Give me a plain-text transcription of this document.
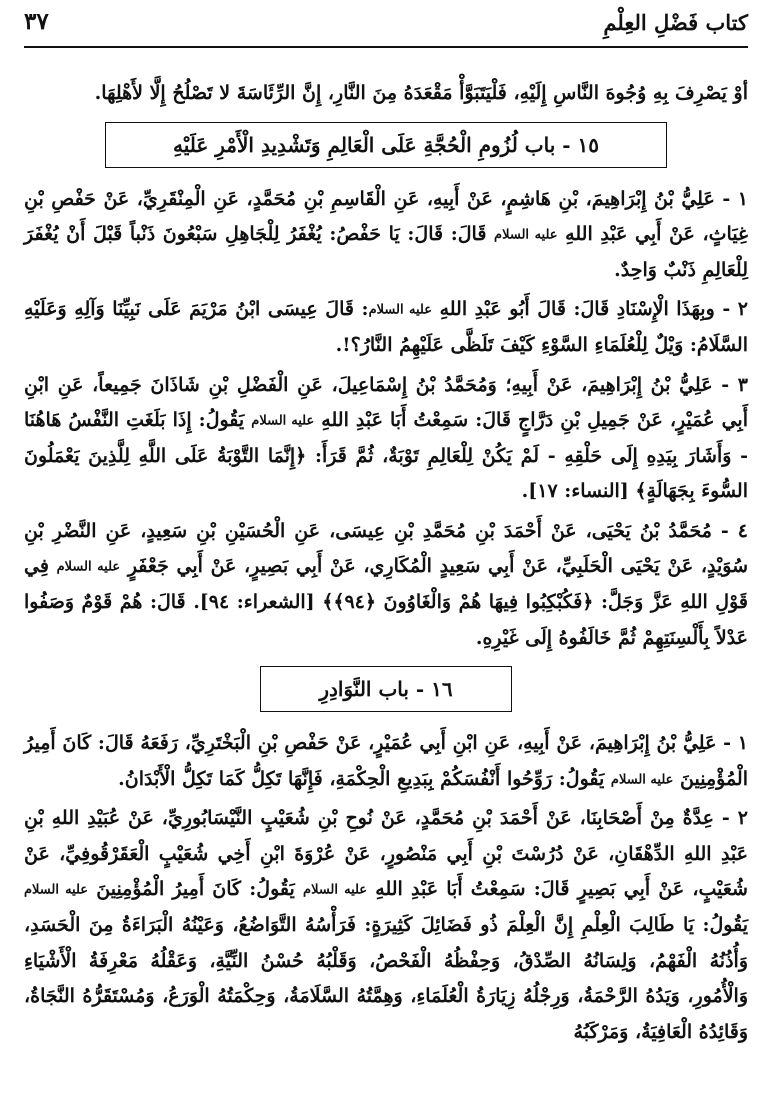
كتاب فَضْلِ العِلْمِ
٣٧

أوْ يَصْرِفَ بِهِ وُجُوهَ النَّاسِ إِلَيْهِ، فَلْيَتَبَوَّأْ مَقْعَدَهُ مِنَ النَّارِ، إِنَّ الرِّئَاسَةَ لا تَصْلُحُ إِلَّا لأَهْلِهَا.

١٥ - باب لُزُومِ الْحُجَّةِ عَلَى الْعَالِمِ وَتَشْدِيدِ الْأَمْرِ عَلَيْهِ

١ - عَلِيُّ بْنُ إِبْرَاهِيمَ، بْنِ هَاشِمٍ، عَنْ أَبِيهِ، عَنِ الْقَاسِمِ بْنِ مُحَمَّدٍ، عَنِ الْمِنْقَرِيِّ، عَنْ حَفْصِ بْنِ غِيَاثٍ، عَنْ أَبِي عَبْدِ اللهِ عليه السلام قَالَ: قَالَ: يَا حَفْصُ: يُغْفَرُ لِلْجَاهِلِ سَبْعُونَ ذَنْباً قَبْلَ أَنْ يُغْفَرَ لِلْعَالِمِ ذَنْبٌ وَاحِدٌ.

٢ - وبِهَذَا الْإِسْنَادِ قَالَ: قَالَ أَبُو عَبْدِ اللهِ عليه السلام: قَالَ عِيسَى ابْنُ مَرْيَمَ عَلَى نَبِيِّنَا وَآلِهِ وَعَلَيْهِ السَّلَامُ: وَيْلٌ لِلْعُلَمَاءِ السَّوْءِ كَيْفَ تَلَظَّى عَلَيْهِمُ النَّارُ؟!.

٣ - عَلِيُّ بْنُ إِبْرَاهِيمَ، عَنْ أَبِيهِ؛ وَمُحَمَّدُ بْنُ إِسْمَاعِيلَ، عَنِ الْفَضْلِ بْنِ شَاذَانَ جَمِيعاً، عَنِ ابْنِ أَبِي عُمَيْرٍ، عَنْ جَمِيلِ بْنِ دَرَّاجٍ قَالَ: سَمِعْتُ أَبَا عَبْدِ اللهِ عليه السلام يَقُولُ: إِذَا بَلَغَتِ النَّفْسُ هَاهُنَا - وَأَشَارَ بِيَدِهِ إِلَى حَلْقِهِ - لَمْ يَكُنْ لِلْعَالِمِ تَوْبَةٌ، ثُمَّ قَرَأَ: ﴿إِنَّمَا التَّوْبَةُ عَلَى اللَّهِ لِلَّذِينَ يَعْمَلُونَ السُّوءَ بِجَهَالَةٍ﴾ [النساء: ١٧].

٤ - مُحَمَّدُ بْنُ يَحْيَى، عَنْ أَحْمَدَ بْنِ مُحَمَّدِ بْنِ عِيسَى، عَنِ الْحُسَيْنِ بْنِ سَعِيدٍ، عَنِ النَّضْرِ بْنِ سُوَيْدٍ، عَنْ يَحْيَى الْحَلَبِيِّ، عَنْ أَبِي سَعِيدٍ الْمُكَارِي، عَنْ أَبِي بَصِيرٍ، عَنْ أَبِي جَعْفَرٍ عليه السلام فِي قَوْلِ اللهِ عَزَّ وَجَلَّ: ﴿فَكُبْكِبُوا فِيهَا هُمْ وَالْغَاوُونَ ﴿٩٤﴾﴾ [الشعراء: ٩٤]. قَالَ: هُمْ قَوْمٌ وَصَفُوا عَدْلاً بِأَلْسِنَتِهِمْ ثُمَّ خَالَفُوهُ إِلَى غَيْرِهِ.

١٦ - باب النَّوَادِرِ

١ - عَلِيُّ بْنُ إِبْرَاهِيمَ، عَنْ أَبِيهِ، عَنِ ابْنِ أَبِي عُمَيْرٍ، عَنْ حَفْصِ بْنِ الْبَخْتَرِيِّ، رَفَعَهُ قَالَ: كَانَ أَمِيرُ الْمُؤْمِنِينَ عليه السلام يَقُولُ: رَوِّحُوا أَنْفُسَكُمْ بِبَدِيعِ الْحِكْمَةِ، فَإِنَّهَا تَكِلُّ كَمَا تَكِلُّ الْأَبْدَانُ.

٢ - عِدَّةٌ مِنْ أَصْحَابِنَا، عَنْ أَحْمَدَ بْنِ مُحَمَّدٍ، عَنْ نُوحِ بْنِ شُعَيْبٍ النَّيْسَابُورِيِّ، عَنْ عُبَيْدِ اللهِ بْنِ عَبْدِ اللهِ الدِّهْقَانِ، عَنْ دُرُسْتَ بْنِ أَبِي مَنْصُورٍ، عَنْ عُرْوَةَ ابْنِ أَخِي شُعَيْبٍ الْعَقَرْقُوفِيِّ، عَنْ شُعَيْبٍ، عَنْ أَبِي بَصِيرٍ قَالَ: سَمِعْتُ أَبَا عَبْدِ اللهِ عليه السلام يَقُولُ: كَانَ أَمِيرُ الْمُؤْمِنِينَ عليه السلام يَقُولُ: يَا طَالِبَ الْعِلْمِ إِنَّ الْعِلْمَ ذُو فَضَائِلَ كَثِيرَةٍ: فَرَأْسُهُ التَّوَاضُعُ، وَعَيْنُهُ الْبَرَاءَةُ مِنَ الْحَسَدِ، وَأُذُنُهُ الْفَهْمُ، وَلِسَانُهُ الصِّدْقُ، وَحِفْظُهُ الْفَحْصُ، وَقَلْبُهُ حُسْنُ النِّيَّةِ، وَعَقْلُهُ مَعْرِفَةُ الْأَشْيَاءِ وَالْأُمُورِ، وَيَدُهُ الرَّحْمَةُ، وَرِجْلُهُ زِيَارَةُ الْعُلَمَاءِ، وَهِمَّتُهُ السَّلَامَةُ، وَحِكْمَتُهُ الْوَرَعُ، وَمُسْتَقَرُّهُ النَّجَاةُ، وَقَائِدُهُ الْعَافِيَةُ، وَمَرْكَبُهُ
